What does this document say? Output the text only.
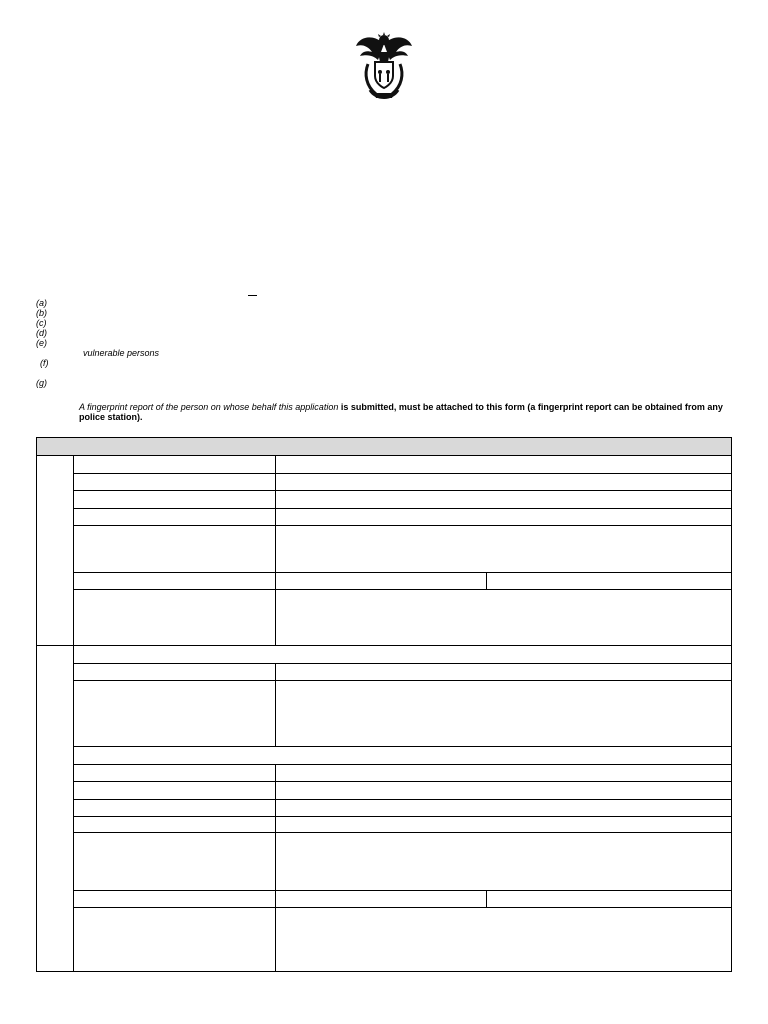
(a)
(b)
(c)
(d)
(e)
(f)
(g)
vulnerable persons
A fingerprint report of the person on whose behalf this application is submitted, must be attached to this form (a fingerprint report can be obtained from any police station).
